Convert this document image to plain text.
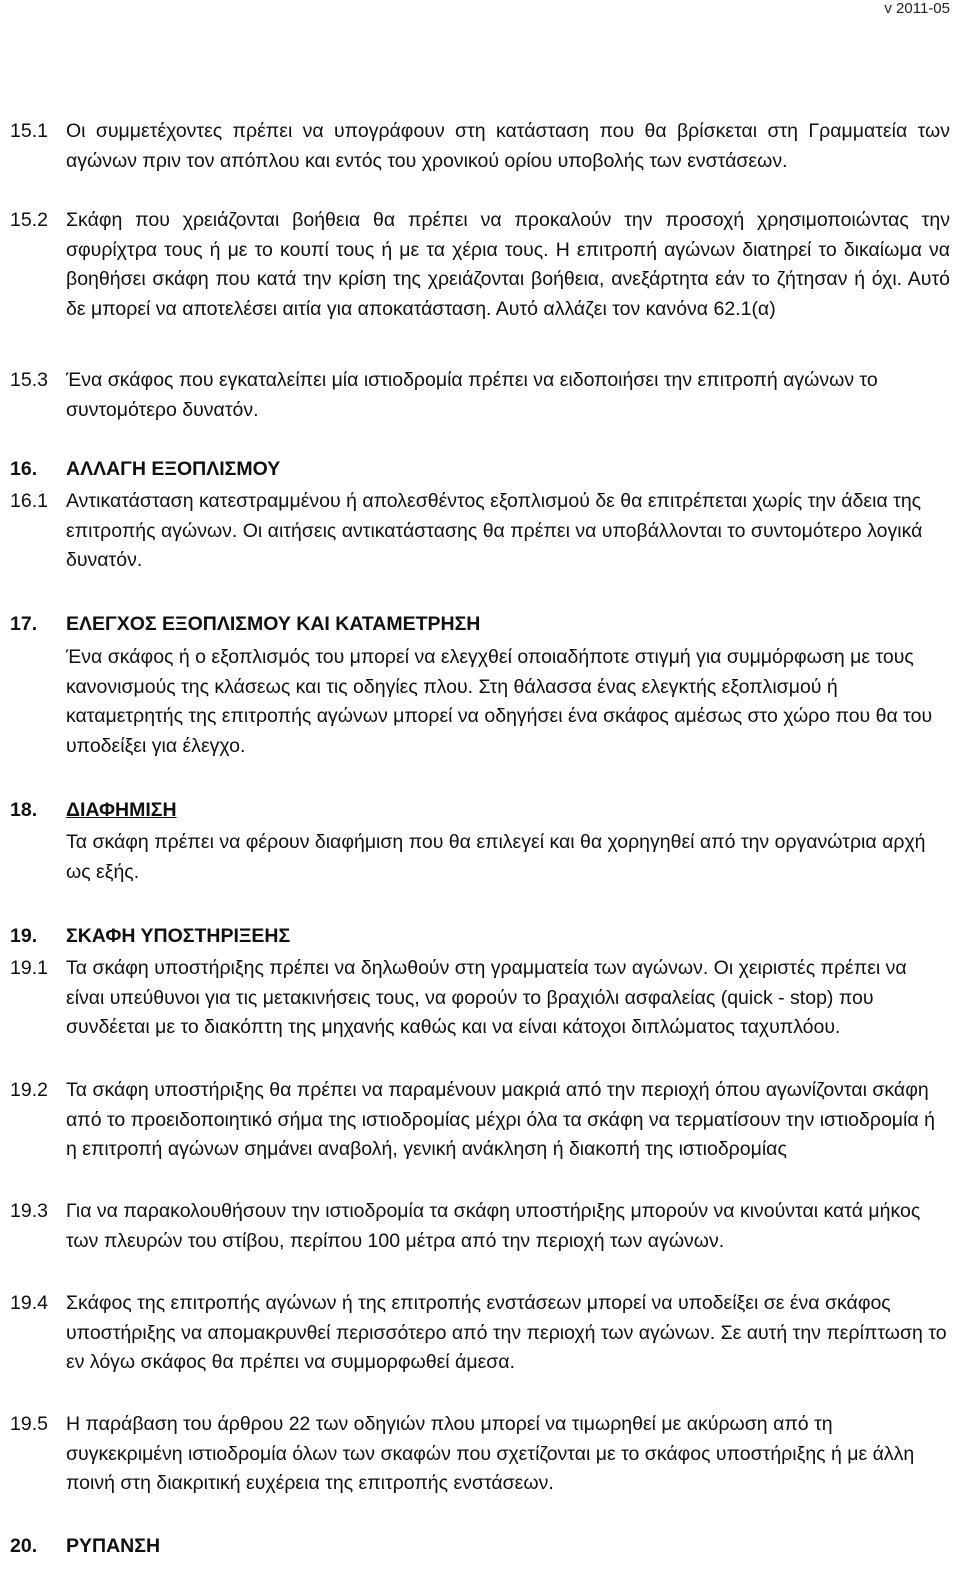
v 2011-05
15.1 Οι συμμετέχοντες πρέπει να υπογράφουν στη κατάσταση που θα βρίσκεται στη Γραμματεία των αγώνων πριν τον απόπλου και εντός του χρονικού ορίου υποβολής των ενστάσεων.
15.2 Σκάφη που χρειάζονται βοήθεια θα πρέπει να προκαλούν την προσοχή χρησιμοποιώντας την σφυρίχτρα τους ή με το κουπί τους ή με τα χέρια τους. Η επιτροπή αγώνων διατηρεί το δικαίωμα να βοηθήσει σκάφη που κατά την κρίση της χρειάζονται βοήθεια, ανεξάρτητα εάν το ζήτησαν ή όχι. Αυτό δε μπορεί να αποτελέσει αιτία για αποκατάσταση. Αυτό αλλάζει τον κανόνα 62.1(α)
15.3 Ένα σκάφος που εγκαταλείπει μία ιστιοδρομία πρέπει να ειδοποιήσει την επιτροπή αγώνων το συντομότερο δυνατόν.
16.	ΑΛΛΑΓΗ ΕΞΟΠΛΙΣΜΟΥ
16.1 Αντικατάσταση κατεστραμμένου ή απολεσθέντος εξοπλισμού δε θα επιτρέπεται χωρίς την άδεια της επιτροπής αγώνων. Οι αιτήσεις αντικατάστασης θα πρέπει να υποβάλλονται το συντομότερο λογικά δυνατόν.
17.	ΕΛΕΓΧΟΣ ΕΞΟΠΛΙΣΜΟΥ ΚΑΙ ΚΑΤΑΜΕΤΡΗΣΗ
Ένα σκάφος ή ο εξοπλισμός του μπορεί να ελεγχθεί οποιαδήποτε στιγμή για συμμόρφωση με τους κανονισμούς της κλάσεως και τις οδηγίες πλου. Στη θάλασσα ένας ελεγκτής εξοπλισμού ή καταμετρητής της επιτροπής αγώνων μπορεί να οδηγήσει ένα σκάφος αμέσως στο χώρο που θα του υποδείξει για έλεγχο.
18.	ΔΙΑΦΗΜΙΣΗ
Τα σκάφη πρέπει να φέρουν διαφήμιση που θα επιλεγεί και θα χορηγηθεί από την οργανώτρια αρχή ως εξής.
19.	ΣΚΑΦΗ ΥΠΟΣΤΗΡΙΞΕΗΣ
19.1 Τα σκάφη υποστήριξης πρέπει να δηλωθούν στη γραμματεία των αγώνων. Οι χειριστές πρέπει να είναι υπεύθυνοι για τις μετακινήσεις τους, να φορούν το βραχιόλι ασφαλείας (quick - stop) που συνδέεται με το διακόπτη της μηχανής καθώς και να είναι κάτοχοι διπλώματος ταχυπλόου.
19.2 Τα σκάφη υποστήριξης θα πρέπει να παραμένουν μακριά από την περιοχή όπου αγωνίζονται σκάφη από το προειδοποιητικό σήμα της ιστιοδρομίας μέχρι όλα τα σκάφη να τερματίσουν την ιστιοδρομία ή η επιτροπή αγώνων σημάνει αναβολή, γενική ανάκληση ή διακοπή της ιστιοδρομίας
19.3 Για να παρακολουθήσουν την ιστιοδρομία τα σκάφη υποστήριξης μπορούν να κινούνται κατά μήκος των πλευρών του στίβου, περίπου 100 μέτρα από την περιοχή των αγώνων.
19.4 Σκάφος της επιτροπής αγώνων ή της επιτροπής ενστάσεων μπορεί να υποδείξει σε ένα σκάφος υποστήριξης να απομακρυνθεί περισσότερο από την περιοχή των αγώνων. Σε αυτή την περίπτωση το εν λόγω σκάφος θα πρέπει να συμμορφωθεί άμεσα.
19.5 Η παράβαση του άρθρου 22 των οδηγιών πλου μπορεί να τιμωρηθεί με ακύρωση από τη συγκεκριμένη ιστιοδρομία όλων των σκαφών που σχετίζονται με το σκάφος υποστήριξης ή με άλλη ποινή στη διακριτική ευχέρεια της επιτροπής ενστάσεων.
20.	ΡΥΠΑΝΣΗ
